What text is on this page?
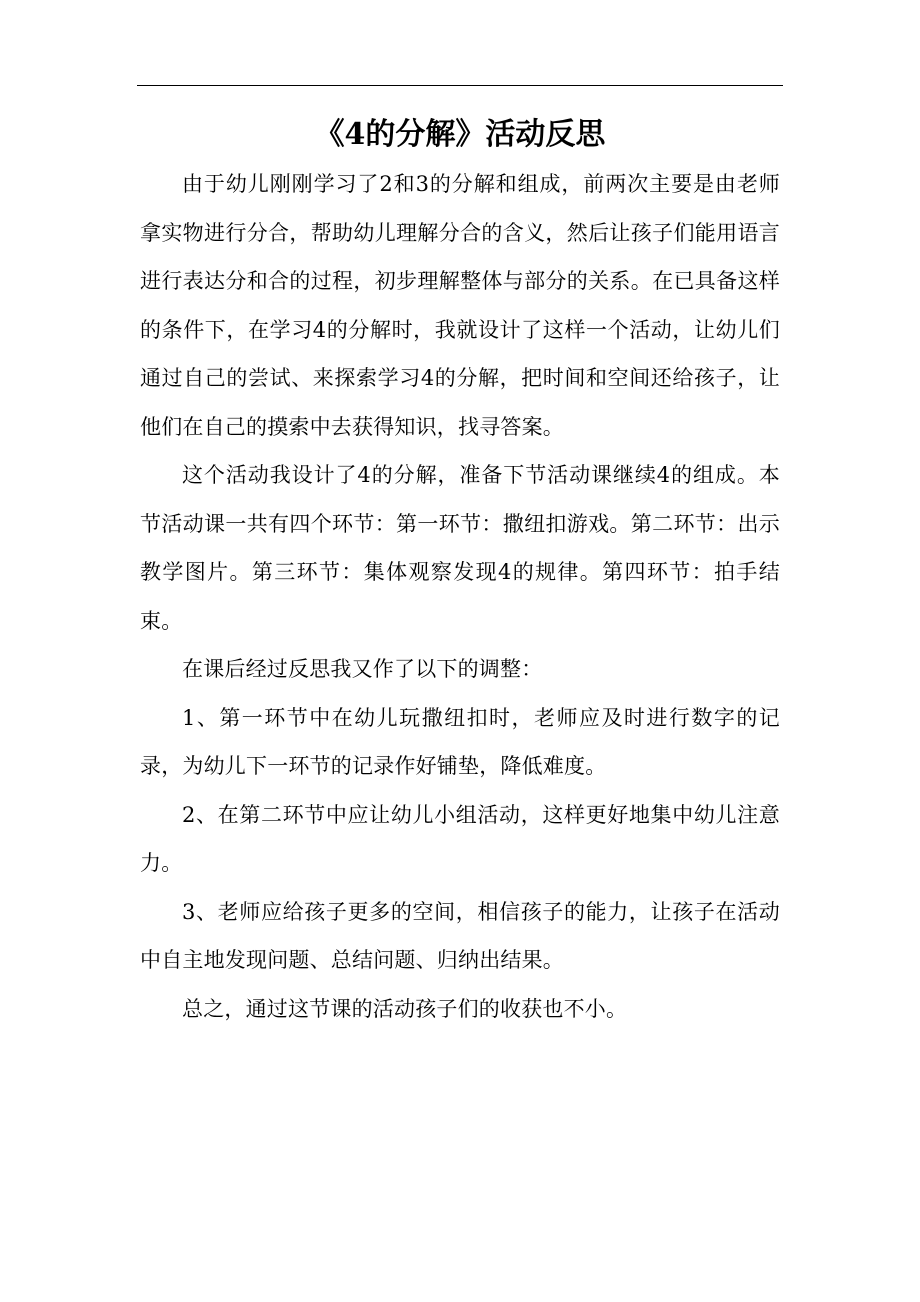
《4的分解》活动反思

由于幼儿刚刚学习了2和3的分解和组成，前两次主要是由老师拿实物进行分合，帮助幼儿理解分合的含义，然后让孩子们能用语言进行表达分和合的过程，初步理解整体与部分的关系。在已具备这样的条件下，在学习4的分解时，我就设计了这样一个活动，让幼儿们通过自己的尝试、来探索学习4的分解，把时间和空间还给孩子，让他们在自己的摸索中去获得知识，找寻答案。

这个活动我设计了4的分解，准备下节活动课继续4的组成。本节活动课一共有四个环节：第一环节：撒纽扣游戏。第二环节：出示教学图片。第三环节：集体观察发现4的规律。第四环节：拍手结束。

在课后经过反思我又作了以下的调整：

1、第一环节中在幼儿玩撒纽扣时，老师应及时进行数字的记录，为幼儿下一环节的记录作好铺垫，降低难度。

2、在第二环节中应让幼儿小组活动，这样更好地集中幼儿注意力。

3、老师应给孩子更多的空间，相信孩子的能力，让孩子在活动中自主地发现问题、总结问题、归纳出结果。

总之，通过这节课的活动孩子们的收获也不小。
